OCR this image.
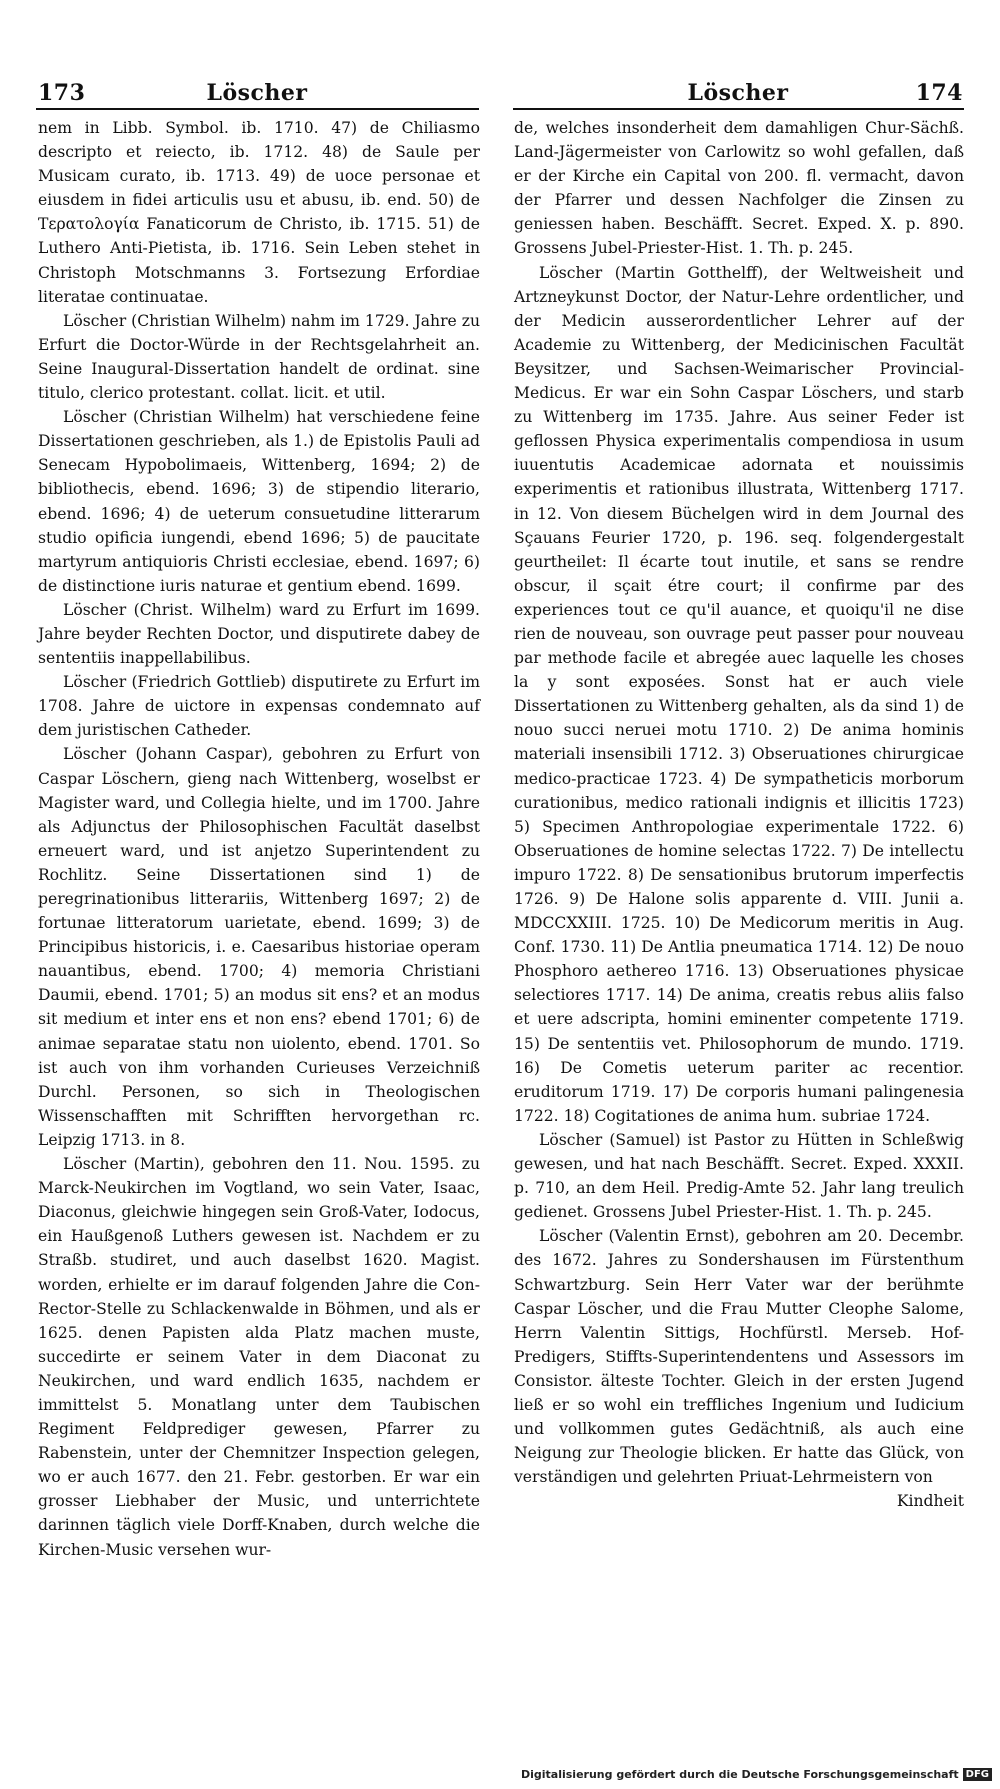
173	Löscher	Löscher	174

nem in Libb. Symbol. ib. 1710. 47) de Chiliasmo descripto et reiecto, ib. 1712. 48) de Saule per Musicam curato, ib. 1713. 49) de uoce personae et eiusdem in fidei articulis usu et abusu, ib. end. 50) de Τερατολογία Fanaticorum de Christo, ib. 1715. 51) de Luthero Anti-Pietista, ib. 1716. Sein Leben stehet in Christoph Motschmanns 3. Fortsezung Erfordiae literatae continuatae.

Löscher (Christian Wilhelm) nahm im 1729. Jahre zu Erfurt die Doctor-Würde in der Rechtsgelahrheit an. Seine Inaugural-Dissertation handelt de ordinat. sine titulo, clerico protestant. collat. licit. et util.

Löscher (Christian Wilhelm) hat verschiedene feine Dissertationen geschrieben, als 1.) de Epistolis Pauli ad Senecam Hypobolimaeis, Wittenberg, 1694; 2) de bibliothecis, ebend. 1696; 3) de stipendio literario, ebend. 1696; 4) de ueterum consuetudine litterarum studio opificia iungendi, ebend 1696; 5) de paucitate martyrum antiquioris Christi ecclesiae, ebend. 1697; 6) de distinctione iuris naturae et gentium ebend. 1699.

Löscher (Christ. Wilhelm) ward zu Erfurt im 1699. Jahre beyder Rechten Doctor, und disputirete dabey de sententiis inappellabilibus.

Löscher (Friedrich Gottlieb) disputirete zu Erfurt im 1708. Jahre de uictore in expensas condemnato auf dem juristischen Catheder.

Löscher (Johann Caspar), gebohren zu Erfurt von Caspar Löschern, gieng nach Wittenberg, woselbst er Magister ward, und Collegia hielte, und im 1700. Jahre als Adjunctus der Philosophischen Facultät daselbst erneuert ward, und ist anjetzo Superintendent zu Rochlitz. Seine Dissertationen sind 1) de peregrinationibus litterariis, Wittenberg 1697; 2) de fortunae litteratorum uarietate, ebend. 1699; 3) de Principibus historicis, i. e. Caesaribus historiae operam nauantibus, ebend. 1700; 4) memoria Christiani Daumii, ebend. 1701; 5) an modus sit ens? et an modus sit medium et inter ens et non ens? ebend 1701; 6) de animae separatae statu non uiolento, ebend. 1701. So ist auch von ihm vorhanden Curieuses Verzeichniß Durchl. Personen, so sich in Theologischen Wissenschafften mit Schrifften hervorgethan rc. Leipzig 1713. in 8.

Löscher (Martin), gebohren den 11. Nou. 1595. zu Marck-Neukirchen im Vogtland, wo sein Vater, Isaac, Diaconus, gleichwie hingegen sein Groß-Vater, Iodocus, ein Haußgenoß Luthers gewesen ist. Nachdem er zu Straßb. studiret, und auch daselbst 1620. Magist. worden, erhielte er im darauf folgenden Jahre die Con-Rector-Stelle zu Schlackenwalde in Böhmen, und als er 1625. denen Papisten alda Platz machen muste, succedirte er seinem Vater in dem Diaconat zu Neukirchen, und ward endlich 1635, nachdem er immittelst 5. Monatlang unter dem Taubischen Regiment Feldprediger gewesen, Pfarrer zu Rabenstein, unter der Chemnitzer Inspection gelegen, wo er auch 1677. den 21. Febr. gestorben. Er war ein grosser Liebhaber der Music, und unterrichtete darinnen täglich viele Dorff-Knaben, durch welche die Kirchen-Music versehen wur-

de, welches insonderheit dem damahligen Chur-Sächß. Land-Jägermeister von Carlowitz so wohl gefallen, daß er der Kirche ein Capital von 200. fl. vermacht, davon der Pfarrer und dessen Nachfolger die Zinsen zu geniessen haben. Beschäfft. Secret. Exped. X. p. 890. Grossens Jubel-Priester-Hist. 1. Th. p. 245.

Löscher (Martin Gotthelff), der Weltweisheit und Artzneykunst Doctor, der Natur-Lehre ordentlicher, und der Medicin ausserordentlicher Lehrer auf der Academie zu Wittenberg, der Medicinischen Facultät Beysitzer, und Sachsen-Weimarischer Provincial-Medicus. Er war ein Sohn Caspar Löschers, und starb zu Wittenberg im 1735. Jahre. Aus seiner Feder ist geflossen Physica experimentalis compendiosa in usum iuuentutis Academicae adornata et nouissimis experimentis et rationibus illustrata, Wittenberg 1717. in 12. Von diesem Büchelgen wird in dem Journal des Sçauans Feurier 1720, p. 196. seq. folgendergestalt geurtheilet: Il écarte tout inutile, et sans se rendre obscur, il sçait étre court; il confirme par des experiences tout ce qu'il auance, et quoiqu'il ne dise rien de nouveau, son ouvrage peut passer pour nouveau par methode facile et abregée auec laquelle les choses la y sont exposées. Sonst hat er auch viele Dissertationen zu Wittenberg gehalten, als da sind 1) de nouo succi neruei motu 1710. 2) De anima hominis materiali insensibili 1712. 3) Obseruationes chirurgicae medico-practicae 1723. 4) De sympatheticis morborum curationibus, medico rationali indignis et illicitis 1723) 5) Specimen Anthropologiae experimentale 1722. 6) Obseruationes de homine selectas 1722. 7) De intellectu impuro 1722. 8) De sensationibus brutorum imperfectis 1726. 9) De Halone solis apparente d. VIII. Junii a. MDCCXXIII. 1725. 10) De Medicorum meritis in Aug. Conf. 1730. 11) De Antlia pneumatica 1714. 12) De nouo Phosphoro aethereo 1716. 13) Obseruationes physicae selectiores 1717. 14) De anima, creatis rebus aliis falso et uere adscripta, homini eminenter competente 1719. 15) De sententiis vet. Philosophorum de mundo. 1719. 16) De Cometis ueterum pariter ac recentior. eruditorum 1719. 17) De corporis humani palingenesia 1722. 18) Cogitationes de anima hum. subriae 1724.

Löscher (Samuel) ist Pastor zu Hütten in Schleßwig gewesen, und hat nach Beschäfft. Secret. Exped. XXXII. p. 710, an dem Heil. Predig-Amte 52. Jahr lang treulich gedienet. Grossens Jubel Priester-Hist. 1. Th. p. 245.

Löscher (Valentin Ernst), gebohren am 20. Decembr. des 1672. Jahres zu Sondershausen im Fürstenthum Schwartzburg. Sein Herr Vater war der berühmte Caspar Löscher, und die Frau Mutter Cleophe Salome, Herrn Valentin Sittigs, Hochfürstl. Merseb. Hof-Predigers, Stiffts-Superintendentens und Assessors im Consistor. älteste Tochter. Gleich in der ersten Jugend ließ er so wohl ein treffliches Ingenium und Iudicium und vollkommen gutes Gedächtniß, als auch eine Neigung zur Theologie blicken. Er hatte das Glück, von verständigen und gelehrten Priuat-Lehrmeistern von

Kindheit

Digitalisierung gefördert durch die Deutsche Forschungsgemeinschaft DFG
